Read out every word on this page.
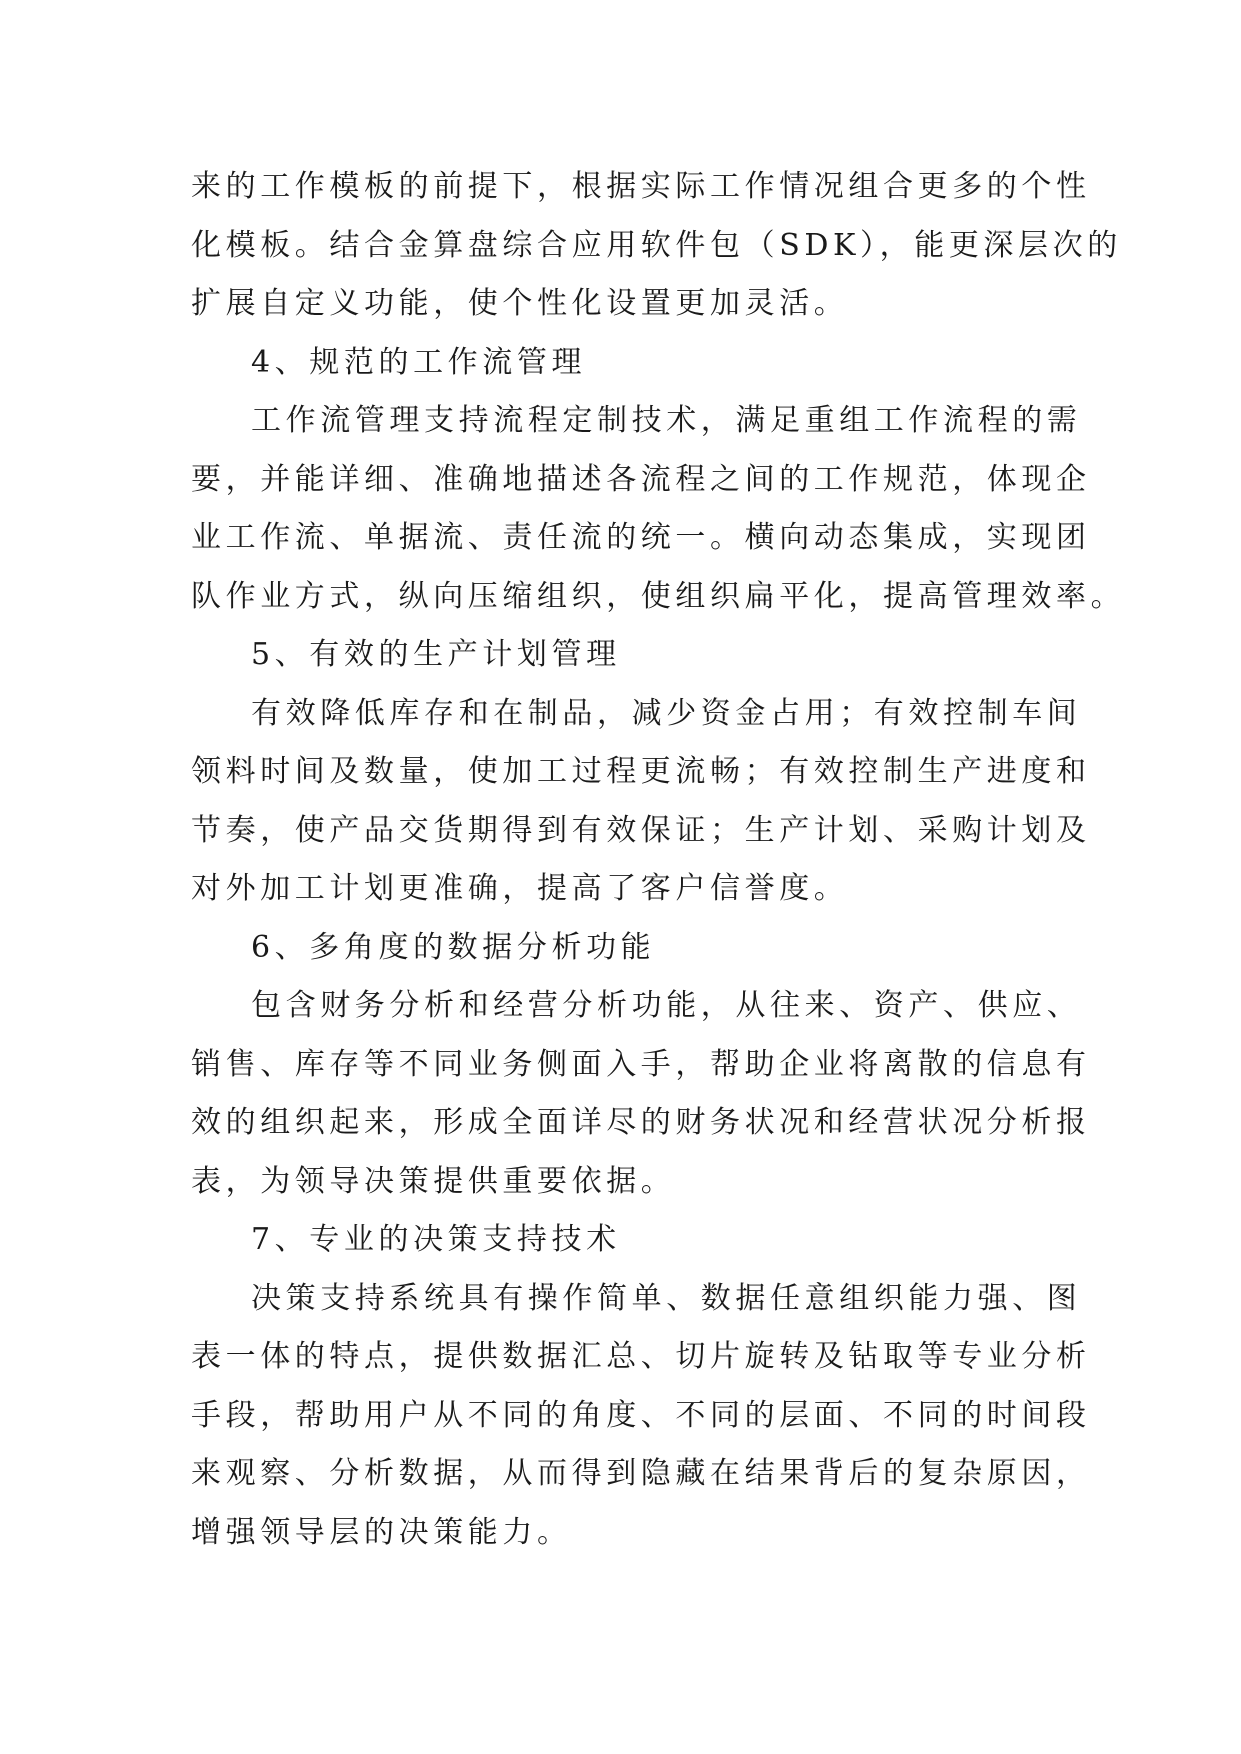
来的工作模板的前提下，根据实际工作情况组合更多的个性

化模板。结合金算盘综合应用软件包（SDK），能更深层次的

扩展自定义功能，使个性化设置更加灵活。

4、规范的工作流管理

工作流管理支持流程定制技术，满足重组工作流程的需

要，并能详细、准确地描述各流程之间的工作规范，体现企

业工作流、单据流、责任流的统一。横向动态集成，实现团

队作业方式，纵向压缩组织，使组织扁平化，提高管理效率。

5、有效的生产计划管理

有效降低库存和在制品，减少资金占用；有效控制车间

领料时间及数量，使加工过程更流畅；有效控制生产进度和

节奏，使产品交货期得到有效保证；生产计划、采购计划及

对外加工计划更准确，提高了客户信誉度。

6、多角度的数据分析功能

包含财务分析和经营分析功能，从往来、资产、供应、

销售、库存等不同业务侧面入手，帮助企业将离散的信息有

效的组织起来，形成全面详尽的财务状况和经营状况分析报

表，为领导决策提供重要依据。

7、专业的决策支持技术

决策支持系统具有操作简单、数据任意组织能力强、图

表一体的特点，提供数据汇总、切片旋转及钻取等专业分析

手段，帮助用户从不同的角度、不同的层面、不同的时间段

来观察、分析数据，从而得到隐藏在结果背后的复杂原因，

增强领导层的决策能力。
